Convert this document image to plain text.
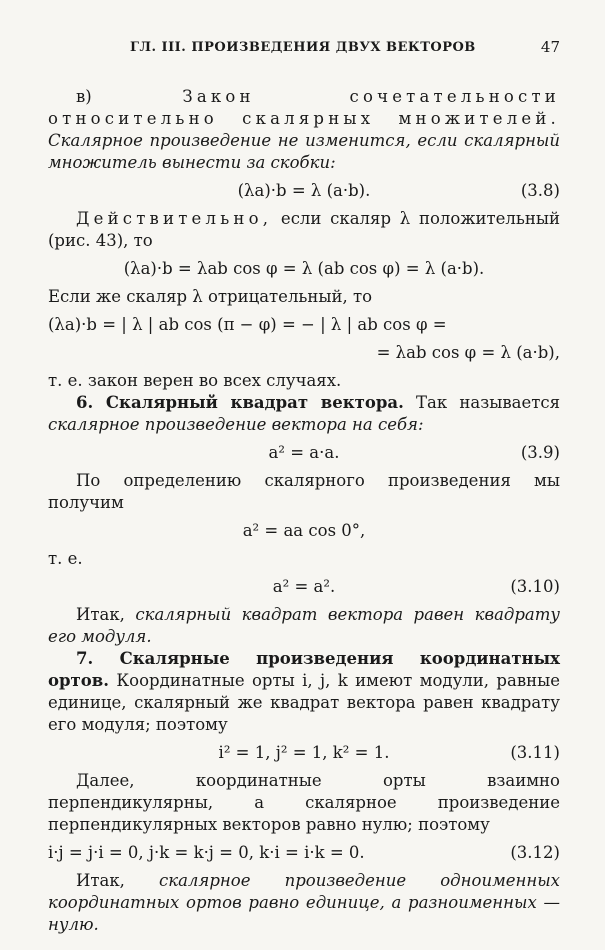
ГЛ. III. ПРОИЗВЕДЕНИЯ ДВУХ ВЕКТОРОВ	47

в) Закон сочетательности относительно скалярных множителей. Скалярное произведение не изменится, если скалярный множитель вынести за скобки:

(λa)·b = λ (a·b).	(3.8)

Действительно, если скаляр λ положительный (рис. 43), то

(λa)·b = λab cos φ = λ (ab cos φ) = λ (a·b).

Если же скаляр λ отрицательный, то

(λa)·b = | λ | ab cos (π − φ) = − | λ | ab cos φ =
= λab cos φ = λ (a·b),

т. е. закон верен во всех случаях.

6. Скалярный квадрат вектора. Так называется скалярное произведение вектора на себя:

a² = a·a.	(3.9)

По определению скалярного произведения мы получим

a² = aa cos 0°,

т. е.

a² = a².	(3.10)

Итак, скалярный квадрат вектора равен квадрату его модуля.

7. Скалярные произведения координатных ортов. Координатные орты i, j, k имеют модули, равные единице, скалярный же квадрат вектора равен квадрату его модуля; поэтому

i² = 1, j² = 1, k² = 1.	(3.11)

Далее, координатные орты взаимно перпендикулярны, а скалярное произведение перпендикулярных векторов равно нулю; поэтому

i·j = j·i = 0, j·k = k·j = 0, k·i = i·k = 0.	(3.12)

Итак, скалярное произведение одноименных координатных ортов равно единице, а разноименных — нулю.
